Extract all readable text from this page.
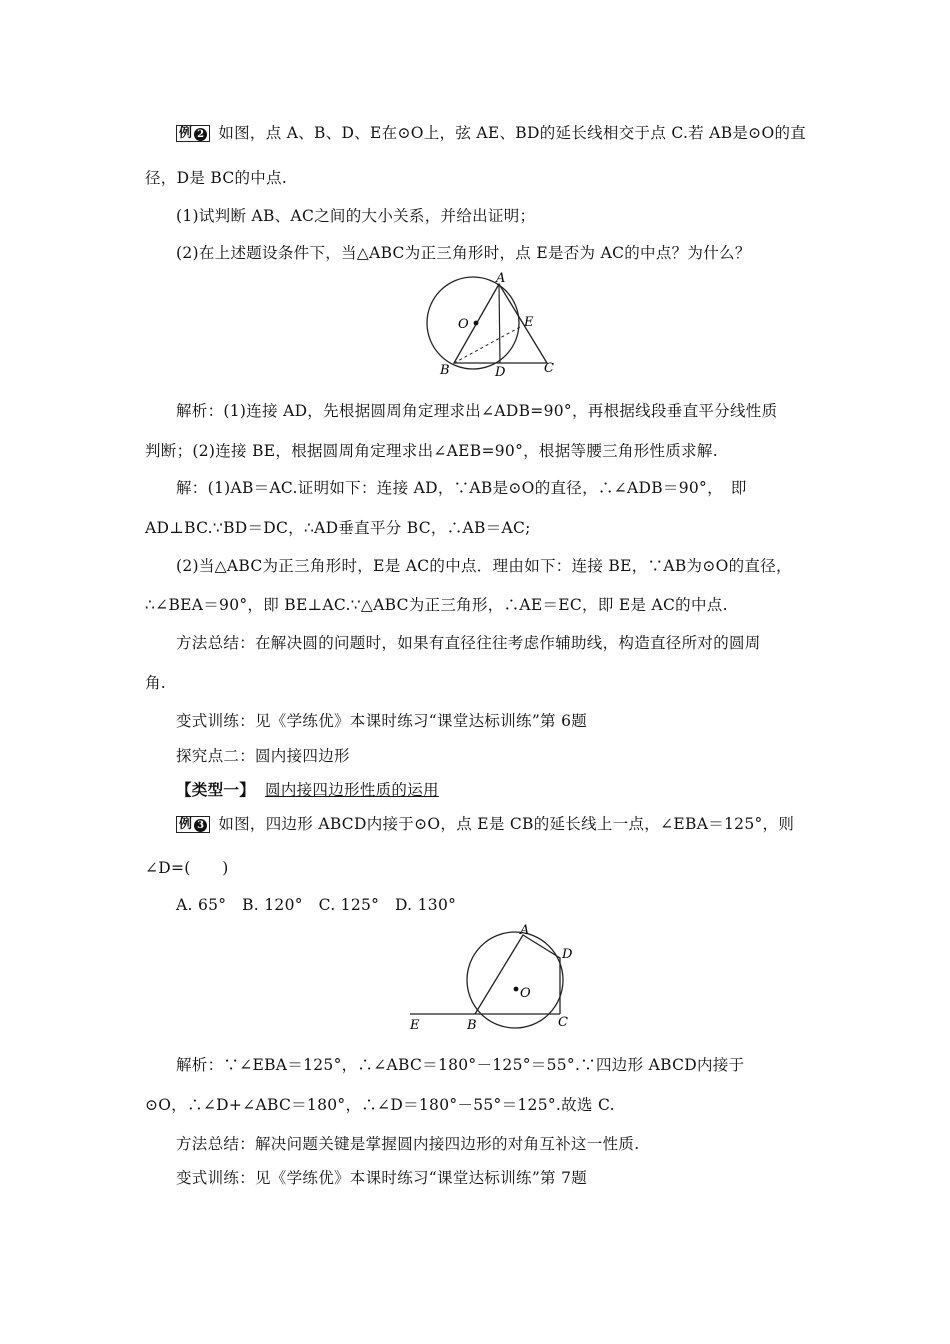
例 2 如图，点 A、B、D、E在⊙O上，弦 AE、BD的延长线相交于点 C.若 AB是⊙O的直
径，D是 BC的中点.
(1)试判断 AB、AC之间的大小关系，并给出证明；
(2)在上述题设条件下，当△ABC为正三角形时，点 E是否为 AC的中点？为什么？
A
O	E
B	D	C
解析：(1)连接 AD，先根据圆周角定理求出∠ADB=90°，再根据线段垂直平分线性质
判断；(2)连接 BE，根据圆周角定理求出∠AEB=90°，根据等腰三角形性质求解.
解：(1)AB＝AC.证明如下：连接 AD，∵AB是⊙O的直径，∴∠ADB＝90°，　即
AD⊥BC.∵BD＝DC，∴AD垂直平分 BC，∴AB＝AC;
(2)当△ABC为正三角形时，E是 AC的中点．理由如下：连接 BE，∵AB为⊙O的直径，
∴∠BEA＝90°，即 BE⊥AC.∵△ABC为正三角形，∴AE＝EC，即 E是 AC的中点.
方法总结：在解决圆的问题时，如果有直径往往考虑作辅助线，构造直径所对的圆周
角.
变式训练：见《学练优》本课时练习“课堂达标训练”第 6题
探究点二：圆内接四边形
【类型一】 圆内接四边形性质的运用
例 3 如图，四边形 ABCD内接于⊙O，点 E是 CB的延长线上一点，∠EBA＝125°，则
∠D=(　　)
A. 65°　B. 120°　C. 125°　D. 130°
A
D
O
E	B	C
解析：∵∠EBA＝125°，∴∠ABC＝180°－125°＝55°.∵四边形 ABCD内接于
⊙O，∴∠D+∠ABC＝180°，∴∠D＝180°－55°＝125°.故选 C.
方法总结：解决问题关键是掌握圆内接四边形的对角互补这一性质.
变式训练：见《学练优》本课时练习“课堂达标训练”第 7题
